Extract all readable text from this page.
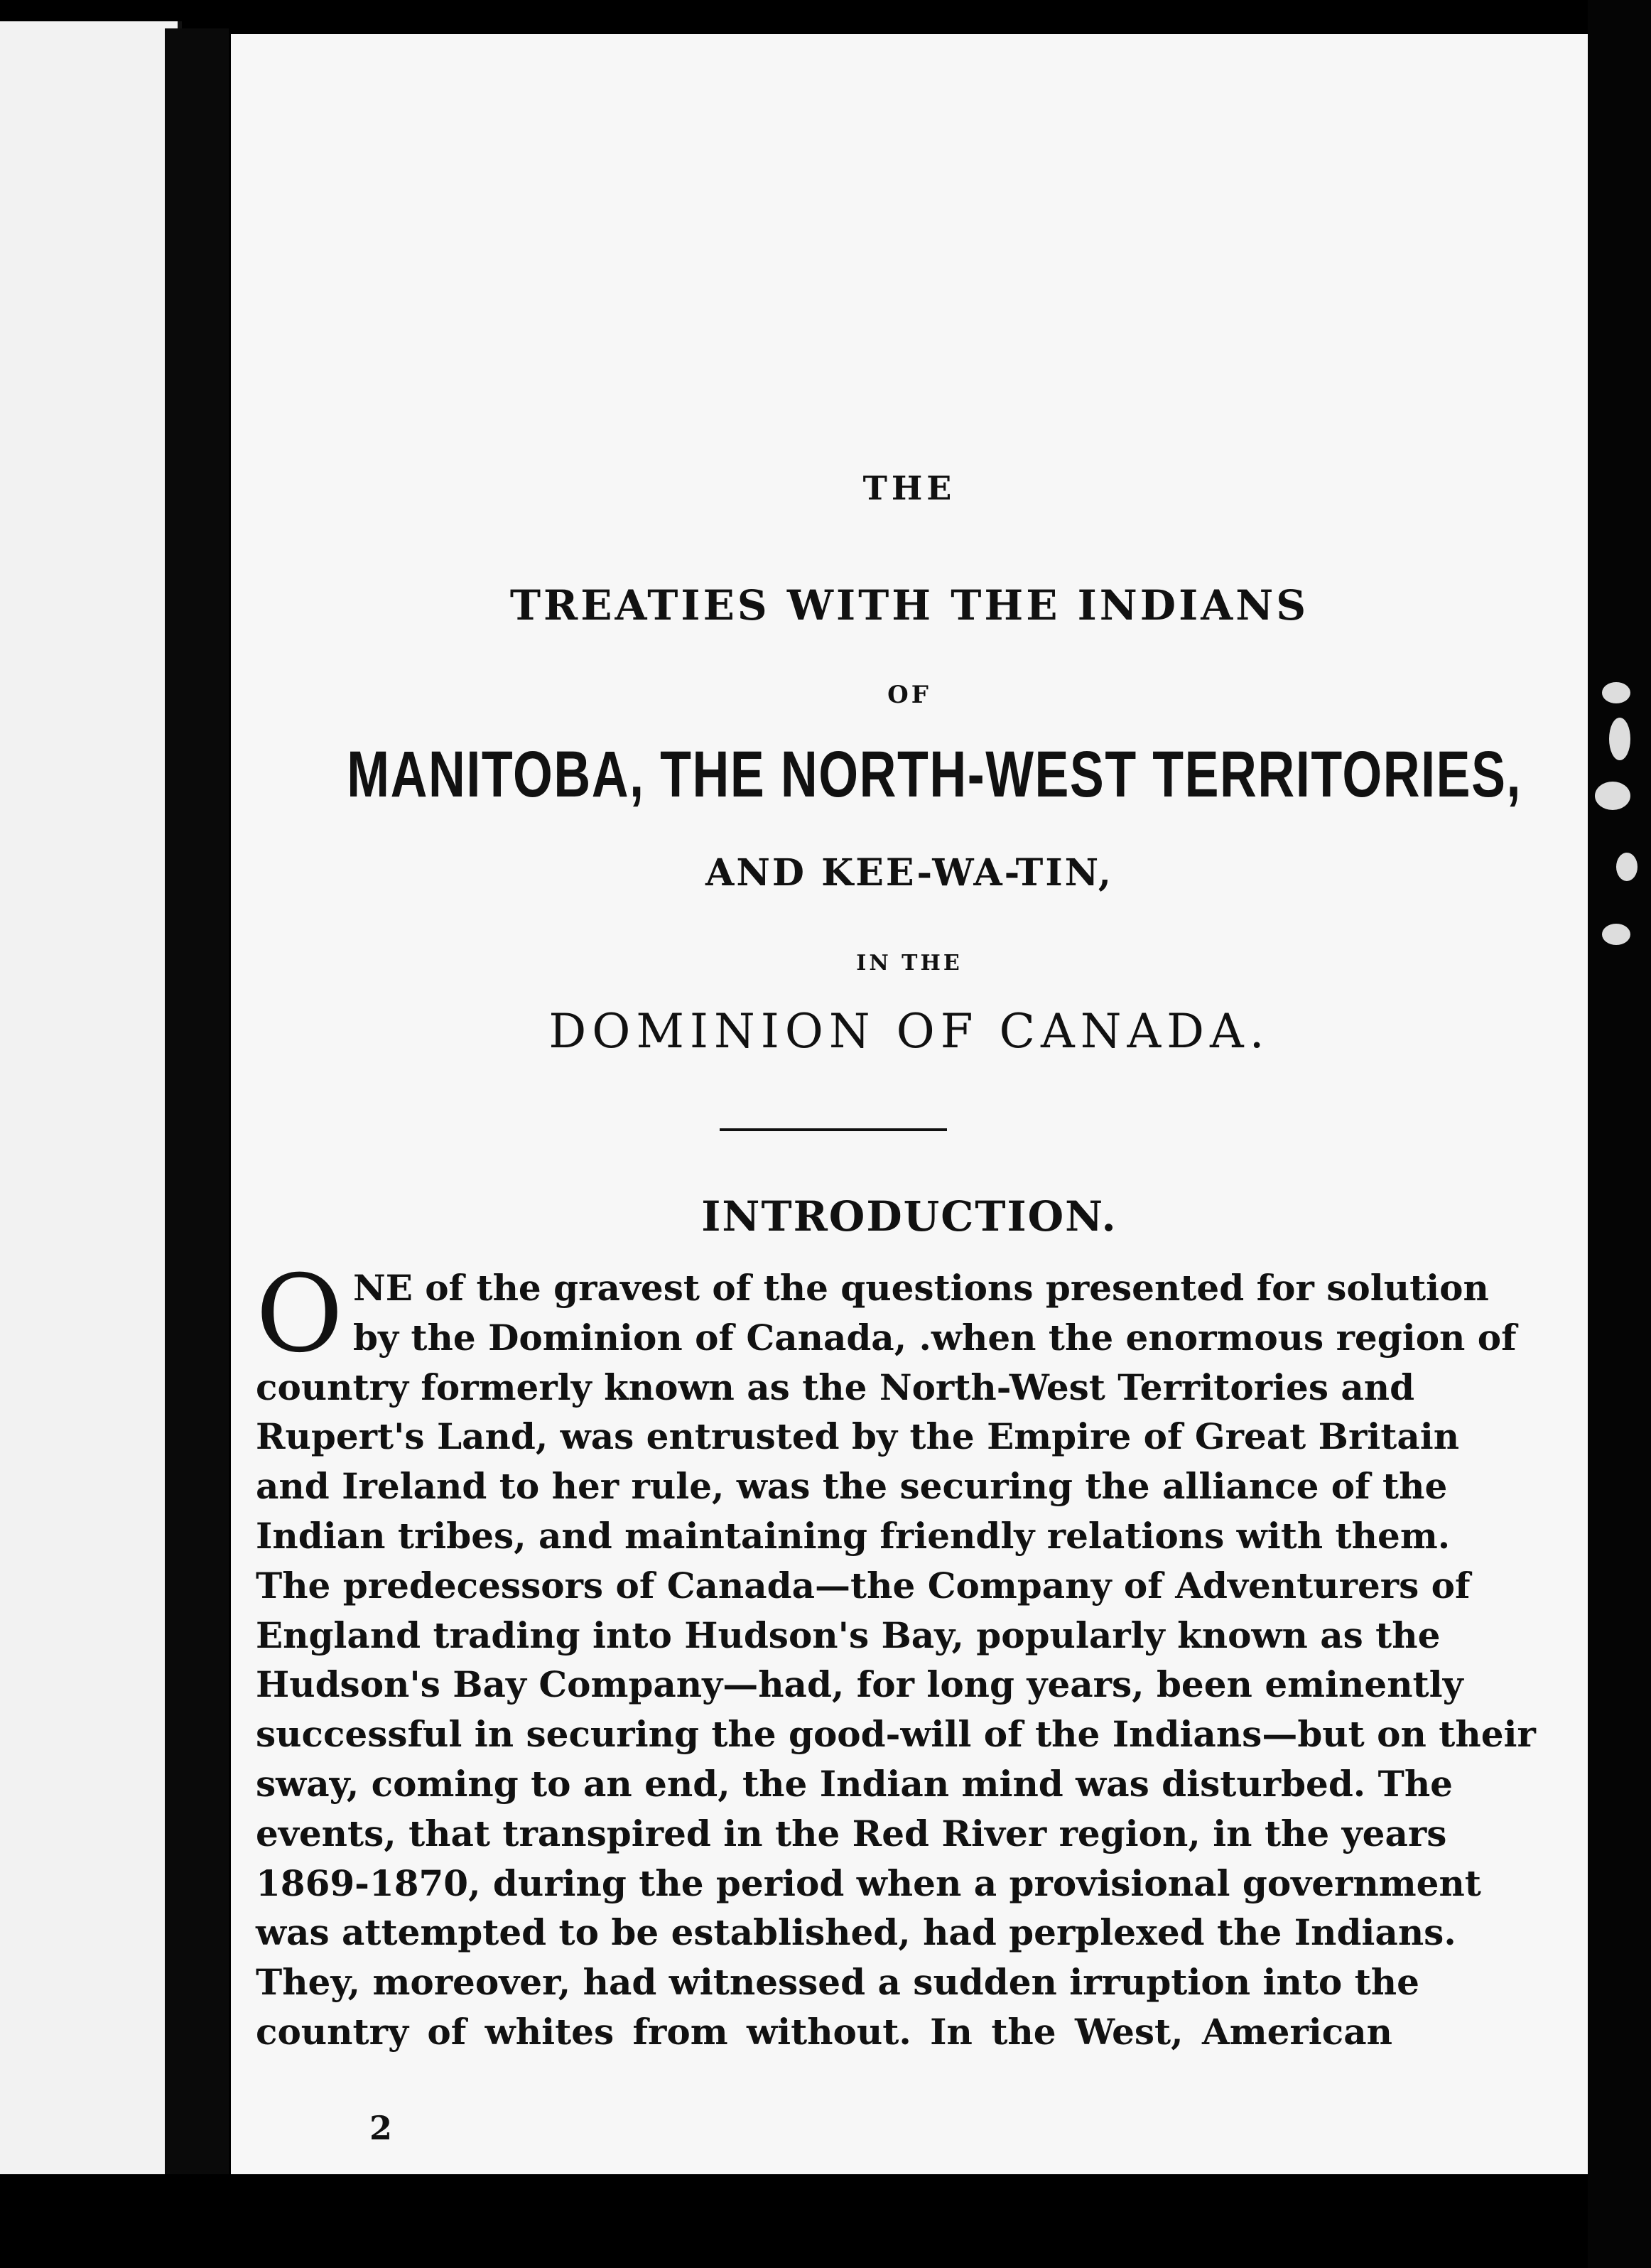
THE
TREATIES WITH THE INDIANS
OF
MANITOBA, THE NORTH-WEST TERRITORIES,
AND KEE-WA-TIN,
IN THE
DOMINION OF CANADA.
INTRODUCTION.
O NE of the gravest of the questions presented for solution
by the Dominion of Canada, .when the enormous region of
country formerly known as the North-West Territories and
Rupert's Land, was entrusted by the Empire of Great Britain
and Ireland to her rule, was the securing the alliance of the
Indian tribes, and maintaining friendly relations with them.
The predecessors of Canada—the Company of Adventurers of
England trading into Hudson's Bay, popularly known as the
Hudson's Bay Company—had, for long years, been eminently
successful in securing the good-will of the Indians—but on their
sway, coming to an end, the Indian mind was disturbed. The
events, that transpired in the Red River region, in the years
1869-1870, during the period when a provisional government
was attempted to be established, had perplexed the Indians.
They, moreover, had witnessed a sudden irruption into the
country of whites from without. In the West, American
2
